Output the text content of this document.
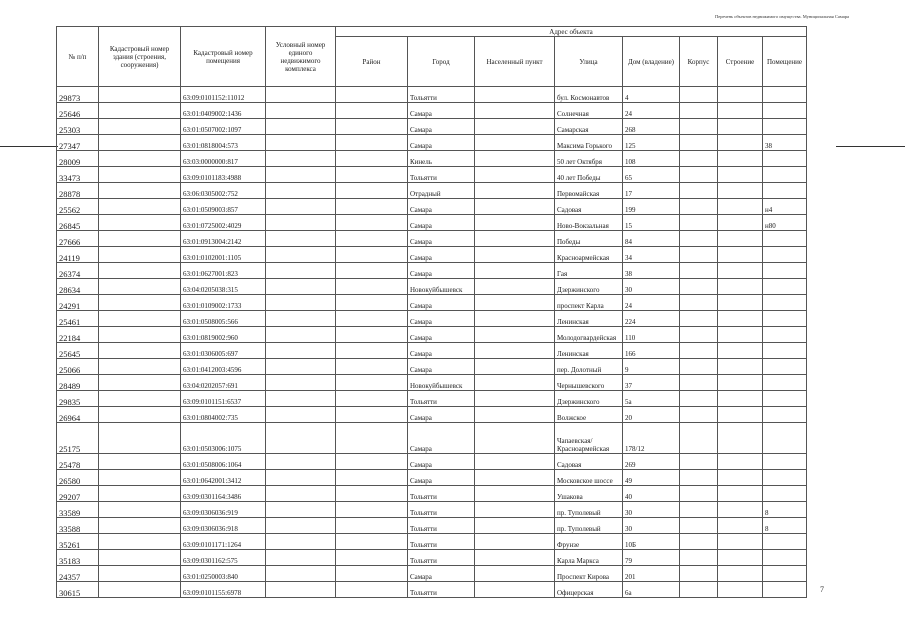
Перечень объектов недвижимого имущества. Муниципальная Самара
№ п/п	Кадастровый номер здания (строения, сооружения)	Кадастровый номер помещения	Условный номер единого недвижимого комплекса	Адрес объекта							
				Район	Город	Населенный пункт	Улица	Дом (владение)	Корпус	Строение	Помещение
29873		63:09:0101152:11012			Тольятти		бул. Космонавтов	4			
25646		63:01:0409002:1436			Самара		Солнечная	24			
25303		63:01:0507002:1097			Самара		Самарская	268			
27347		63:01:0818004:573			Самара		Максима Горького	125			38
28009		63:03:0000000:817			Кинель		50 лет Октября	108			
33473		63:09:0101183:4988			Тольятти		40 лет Победы	65			
28878		63:06:0305002:752			Отрадный		Первомайская	17			
25562		63:01:0509003:857			Самара		Садовая	199			н4
26845		63:01:0725002:4029			Самара		Ново-Вокзальная	15			н80
27666		63:01:0913004:2142			Самара		Победы	84			
24119		63:01:0102001:1105			Самара		Красноармейская	34			
26374		63:01:0627001:823			Самара		Гая	38			
28634		63:04:0205038:315			Новокуйбышевск		Дзержинского	30			
24291		63:01:0109002:1733			Самара		проспект Карла	24			
25461		63:01:0508005:566			Самара		Ленинская	224			
22184		63:01:0819002:960			Самара		Молодогвардейская	110			
25645		63:01:0306005:697			Самара		Ленинская	166			
25066		63:01:0412003:4596			Самара		пер. Долотный	9			
28489		63:04:0202057:691			Новокуйбышевск		Чернышевского	37			
29835		63:09:0101151:6537			Тольятти		Дзержинского	5а			
26964		63:01:0804002:735			Самара		Волжское	20			
25175		63:01:0503006:1075			Самара		Чапаевская/ Красноармейская	178/12			
25478		63:01:0508006:1064			Самара		Садовая	269			
26580		63:01:0642001:3412			Самара		Московское шоссе	49			
29207		63:09:0301164:3486			Тольятти		Ушакова	40			
33589		63:09:0306036:919			Тольятти		пр. Туполевый	30			8
33588		63:09:0306036:918			Тольятти		пр. Туполевый	30			8
35261		63:09:0101171:1264			Тольятти		Фрунзе	10Б			
35183		63:09:0301162:575			Тольятти		Карла Маркса	79			
24357		63:01:0250003:840			Самара		Проспект Кирова	201			
30615		63:09:0101155:6978			Тольятти		Офицерская	6а				7
